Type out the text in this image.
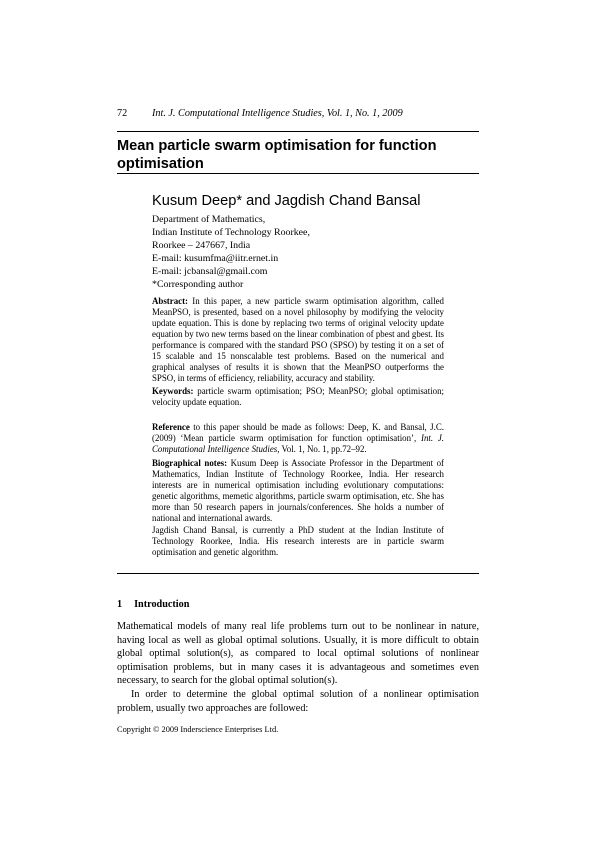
72 Int. J. Computational Intelligence Studies, Vol. 1, No. 1, 2009
Mean particle swarm optimisation for function optimisation
Kusum Deep* and Jagdish Chand Bansal
Department of Mathematics,
Indian Institute of Technology Roorkee,
Roorkee – 247667, India
E-mail: kusumfma@iitr.ernet.in
E-mail: jcbansal@gmail.com
*Corresponding author
Abstract: In this paper, a new particle swarm optimisation algorithm, called MeanPSO, is presented, based on a novel philosophy by modifying the velocity update equation. This is done by replacing two terms of original velocity update equation by two new terms based on the linear combination of pbest and gbest. Its performance is compared with the standard PSO (SPSO) by testing it on a set of 15 scalable and 15 nonscalable test problems. Based on the numerical and graphical analyses of results it is shown that the MeanPSO outperforms the SPSO, in terms of efficiency, reliability, accuracy and stability.
Keywords: particle swarm optimisation; PSO; MeanPSO; global optimisation; velocity update equation.
Reference to this paper should be made as follows: Deep, K. and Bansal, J.C. (2009) ‘Mean particle swarm optimisation for function optimisation’, Int. J. Computational Intelligence Studies, Vol. 1, No. 1, pp.72–92.
Biographical notes: Kusum Deep is Associate Professor in the Department of Mathematics, Indian Institute of Technology Roorkee, India. Her research interests are in numerical optimisation including evolutionary computations: genetic algorithms, memetic algorithms, particle swarm optimisation, etc. She has more than 50 research papers in journals/conferences. She holds a number of national and international awards.
Jagdish Chand Bansal, is currently a PhD student at the Indian Institute of Technology Roorkee, India. His research interests are in particle swarm optimisation and genetic algorithm.
1 Introduction

Mathematical models of many real life problems turn out to be nonlinear in nature, having local as well as global optimal solutions. Usually, it is more difficult to obtain global optimal solution(s), as compared to local optimal solutions of nonlinear optimisation problems, but in many cases it is advantageous and sometimes even necessary, to search for the global optimal solution(s).

In order to determine the global optimal solution of a nonlinear optimisation problem, usually two approaches are followed:

Copyright © 2009 Inderscience Enterprises Ltd.
